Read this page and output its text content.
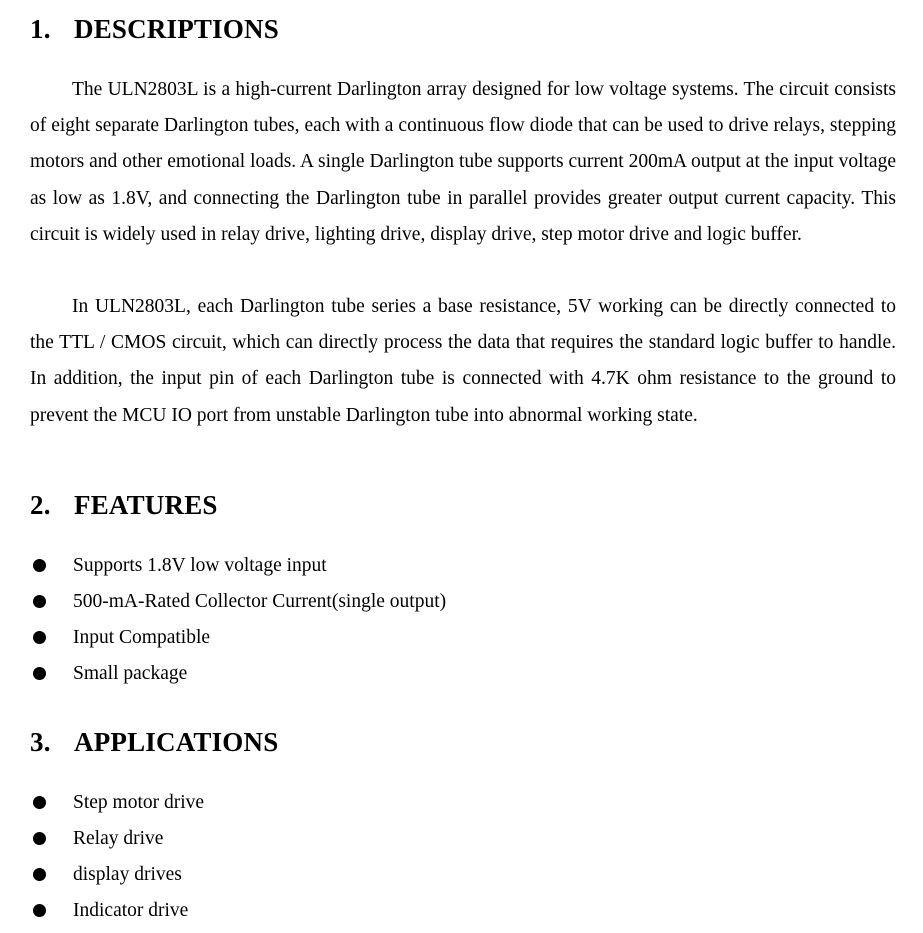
1. DESCRIPTIONS

The ULN2803L is a high-current Darlington array designed for low voltage systems. The circuit consists of eight separate Darlington tubes, each with a continuous flow diode that can be used to drive relays, stepping motors and other emotional loads. A single Darlington tube supports current 200mA output at the input voltage as low as 1.8V, and connecting the Darlington tube in parallel provides greater output current capacity. This circuit is widely used in relay drive, lighting drive, display drive, step motor drive and logic buffer.

In ULN2803L, each Darlington tube series a base resistance, 5V working can be directly connected to the TTL / CMOS circuit, which can directly process the data that requires the standard logic buffer to handle. In addition, the input pin of each Darlington tube is connected with 4.7K ohm resistance to the ground to prevent the MCU IO port from unstable Darlington tube into abnormal working state.

2. FEATURES
Supports 1.8V low voltage input
500-mA-Rated Collector Current(single output)
Input Compatible
Small package
3. APPLICATIONS
Step motor drive
Relay drive
display drives
Indicator drive
